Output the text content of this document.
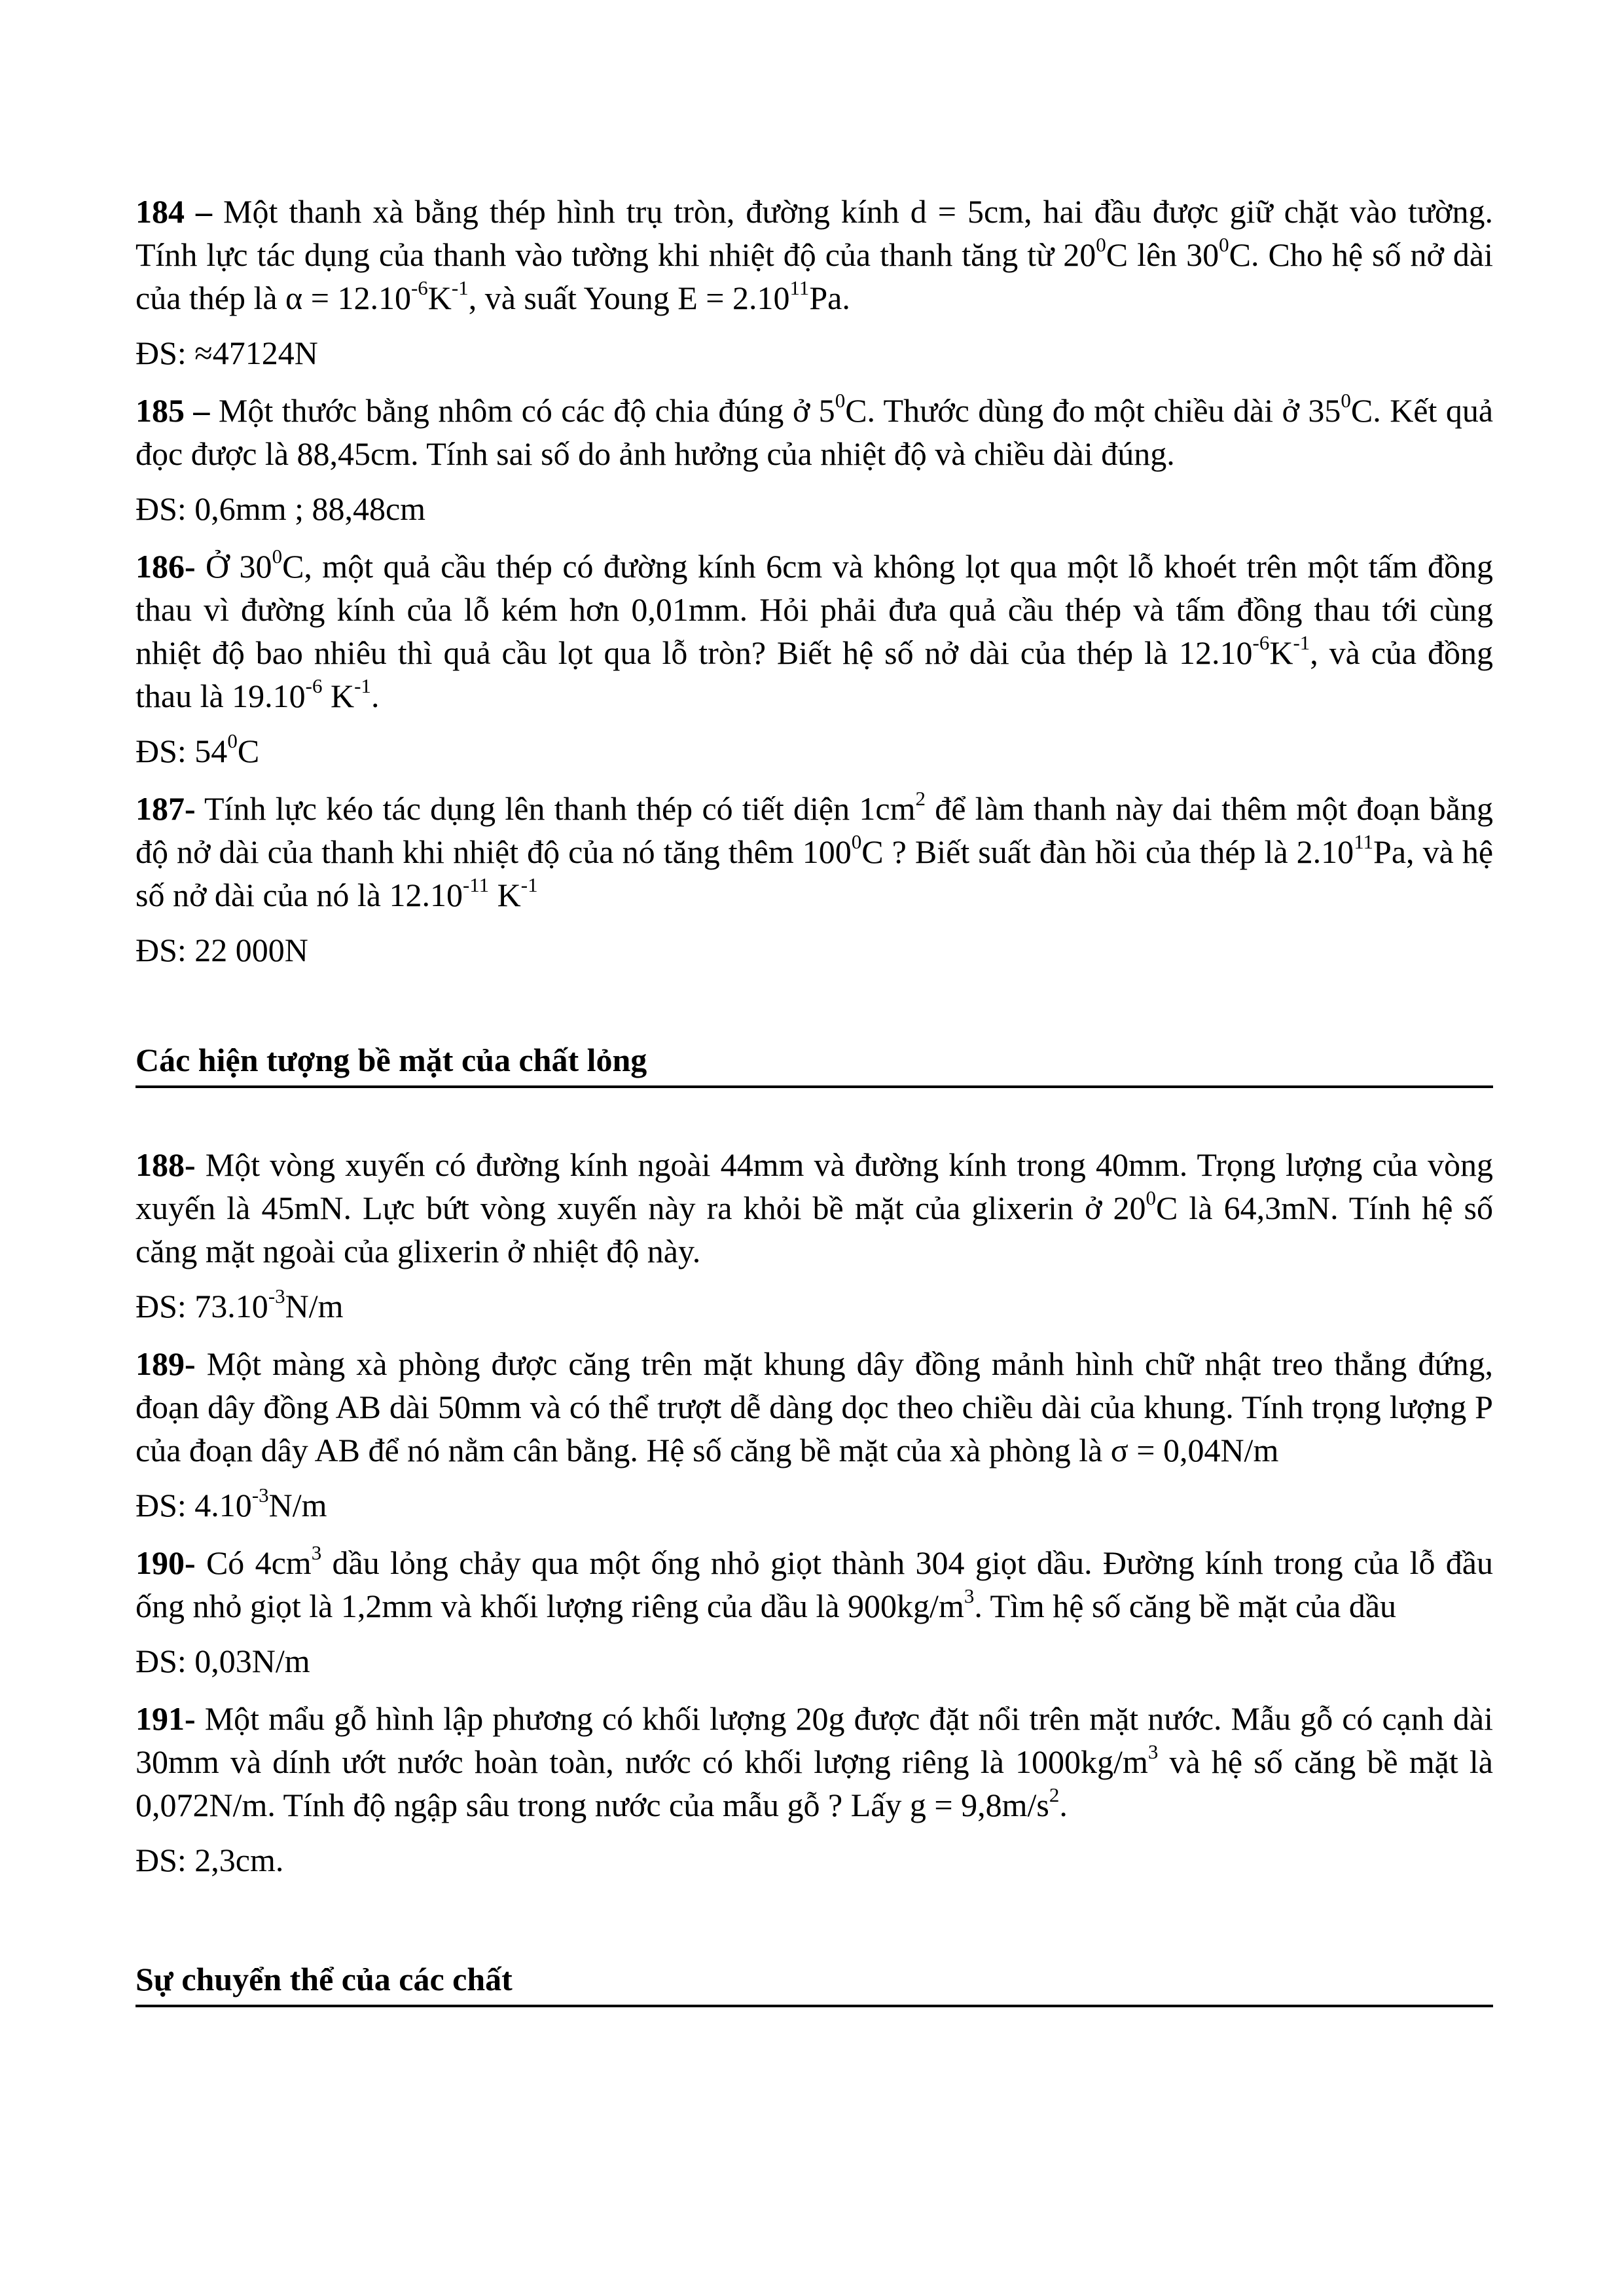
184 – Một thanh xà bằng thép hình trụ tròn, đường kính d = 5cm, hai đầu được giữ chặt vào tường. Tính lực tác dụng của thanh vào tường khi nhiệt độ của thanh tăng từ $20^0C$ lên $30^0C$. Cho hệ số nở dài của thép là $\alpha = 12.10^{-6}K^{-1}$, và suất Young $E = 2.10^{11}Pa$.

ĐS: ≈47124N

185 – Một thước bằng nhôm có các độ chia đúng ở $5^0C$. Thước dùng đo một chiều dài ở $35^0C$. Kết quả đọc được là 88,45cm. Tính sai số do ảnh hưởng của nhiệt độ và chiều dài đúng.

ĐS: 0,6mm ; 88,48cm

186- Ở $30^0C$, một quả cầu thép có đường kính 6cm và không lọt qua một lỗ khoét trên một tấm đồng thau vì đường kính của lỗ kém hơn 0,01mm. Hỏi phải đưa quả cầu thép và tấm đồng thau tới cùng nhiệt độ bao nhiêu thì quả cầu lọt qua lỗ tròn? Biết hệ số nở dài của thép là $12.10^{-6}K^{-1}$, và của đồng thau là $19.10^{-6}$ $K^{-1}$.

ĐS: $54^0C$

187- Tính lực kéo tác dụng lên thanh thép có tiết diện $1cm^2$ để làm thanh này dai thêm một đoạn bằng độ nở dài của thanh khi nhiệt độ của nó tăng thêm $100^0C$ ? Biết suất đàn hồi của thép là 2.10$^{11}$Pa, và hệ số nở dài của nó là $12.10^{-11}$ $K^{-1}$

ĐS: 22 000N

Các hiện tượng bề mặt của chất lỏng

188- Một vòng xuyến có đường kính ngoài 44mm và đường kính trong 40mm. Trọng lượng của vòng xuyến là 45mN. Lực bứt vòng xuyến này ra khỏi bề mặt của glixerin ở $20^0C$ là 64,3mN. Tính hệ số căng mặt ngoài của glixerin ở nhiệt độ này.

ĐS: $73.10^{-3}N/m$

189- Một màng xà phòng được căng trên mặt khung dây đồng mảnh hình chữ nhật treo thẳng đứng, đoạn dây đồng AB dài 50mm và có thể trượt dễ dàng dọc theo chiều dài của khung. Tính trọng lượng P của đoạn dây AB để nó nằm cân bằng. Hệ số căng bề mặt của xà phòng là σ = 0,04N/m

ĐS: $4.10^{-3}N/m$

190- Có $4cm^3$ dầu lỏng chảy qua một ống nhỏ giọt thành 304 giọt dầu. Đường kính trong của lỗ đầu ống nhỏ giọt là 1,2mm và khối lượng riêng của dầu là $900kg/m^3$. Tìm hệ số căng bề mặt của dầu

ĐS: 0,03N/m

191- Một mẩu gỗ hình lập phương có khối lượng 20g được đặt nổi trên mặt nước. Mẫu gỗ có cạnh dài 30mm và dính ướt nước hoàn toàn, nước có khối lượng riêng là $1000kg/m^3$ và hệ số căng bề mặt là 0,072N/m. Tính độ ngập sâu trong nước của mẫu gỗ ? Lấy $g = 9,8m/s^2$.

ĐS: 2,3cm.

Sự chuyển thể của các chất
